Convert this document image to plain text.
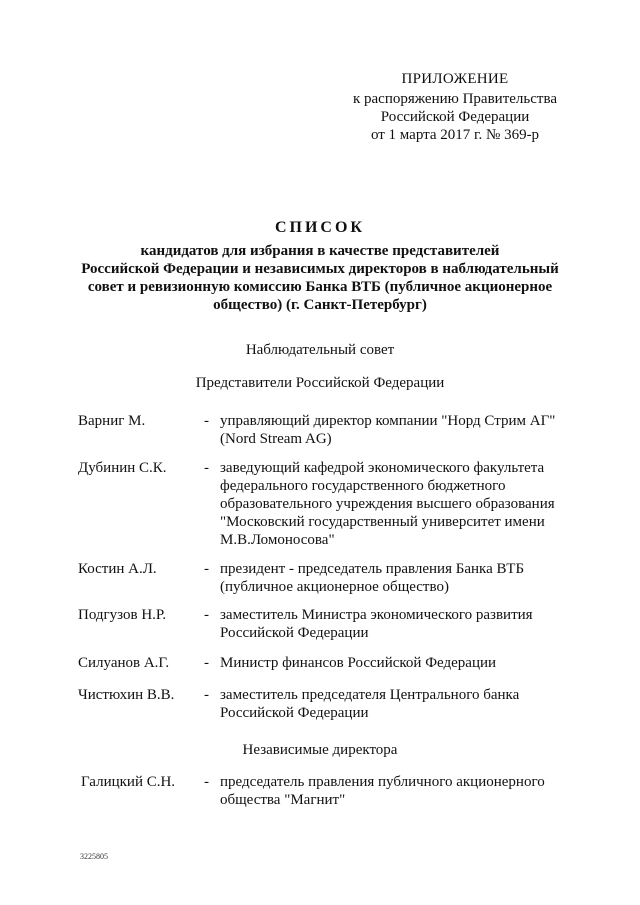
ПРИЛОЖЕНИЕ
к распоряжению Правительства
Российской Федерации
от 1 марта 2017 г. № 369-р
СПИСОК
кандидатов для избрания в качестве представителей
Российской Федерации и независимых директоров в наблюдательный
совет и ревизионную комиссию Банка ВТБ (публичное акционерное
общество) (г. Санкт-Петербург)
Наблюдательный совет
Представители Российской Федерации
Варниг М.	- управляющий директор компании "Норд Стрим АГ"
(Nord Stream AG)
Дубинин С.К. - заведующий кафедрой экономического факультета
федерального государственного бюджетного
образовательного учреждения высшего образования
"Московский государственный университет имени
М.В.Ломоносова"
Костин А.Л.	- президент - председатель правления Банка ВТБ
(публичное акционерное общество)
Подгузов Н.Р.	- заместитель Министра экономического развития
Российской Федерации
Силуанов А.Г. - Министр финансов Российской Федерации
Чистюхин В.В. - заместитель председателя Центрального банка
Российской Федерации
Независимые директора
Галицкий С.Н. - председатель правления публичного акционерного
общества "Магнит"
3225805
